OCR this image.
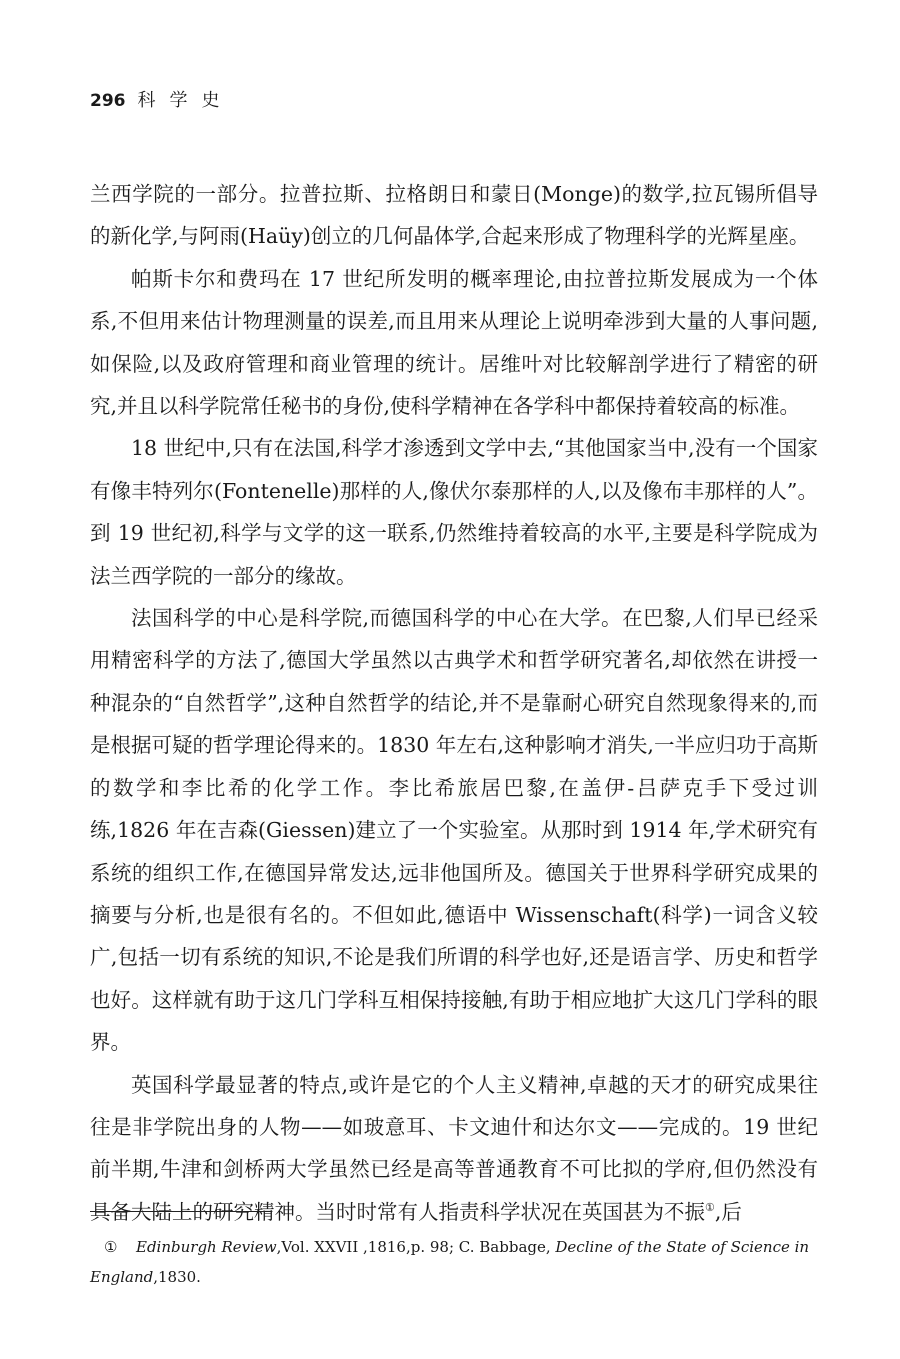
296 科学史

兰西学院的一部分。拉普拉斯、拉格朗日和蒙日(Monge)的数学,拉瓦锡所倡导的新化学,与阿雨(Haüy)创立的几何晶体学,合起来形成了物理科学的光辉星座。

帕斯卡尔和费玛在 17 世纪所发明的概率理论,由拉普拉斯发展成为一个体系,不但用来估计物理测量的误差,而且用来从理论上说明牵涉到大量的人事问题,如保险,以及政府管理和商业管理的统计。居维叶对比较解剖学进行了精密的研究,并且以科学院常任秘书的身份,使科学精神在各学科中都保持着较高的标准。

18 世纪中,只有在法国,科学才渗透到文学中去,“其他国家当中,没有一个国家有像丰特列尔(Fontenelle)那样的人,像伏尔泰那样的人,以及像布丰那样的人”。到 19 世纪初,科学与文学的这一联系,仍然维持着较高的水平,主要是科学院成为法兰西学院的一部分的缘故。

法国科学的中心是科学院,而德国科学的中心在大学。在巴黎,人们早已经采用精密科学的方法了,德国大学虽然以古典学术和哲学研究著名,却依然在讲授一种混杂的“自然哲学”,这种自然哲学的结论,并不是靠耐心研究自然现象得来的,而是根据可疑的哲学理论得来的。1830 年左右,这种影响才消失,一半应归功于高斯的数学和李比希的化学工作。李比希旅居巴黎,在盖伊-吕萨克手下受过训练,1826 年在吉森(Giessen)建立了一个实验室。从那时到 1914 年,学术研究有系统的组织工作,在德国异常发达,远非他国所及。德国关于世界科学研究成果的摘要与分析,也是很有名的。不但如此,德语中 Wissenschaft(科学)一词含义较广,包括一切有系统的知识,不论是我们所谓的科学也好,还是语言学、历史和哲学也好。这样就有助于这几门学科互相保持接触,有助于相应地扩大这几门学科的眼界。

英国科学最显著的特点,或许是它的个人主义精神,卓越的天才的研究成果往往是非学院出身的人物——如玻意耳、卡文迪什和达尔文——完成的。19 世纪前半期,牛津和剑桥两大学虽然已经是高等普通教育不可比拟的学府,但仍然没有具备大陆上的研究精神。当时时常有人指责科学状况在英国甚为不振①,后

① Edinburgh Review,Vol. XXVII ,1816,p. 98; C. Babbage, Decline of the State of Science in England,1830.
